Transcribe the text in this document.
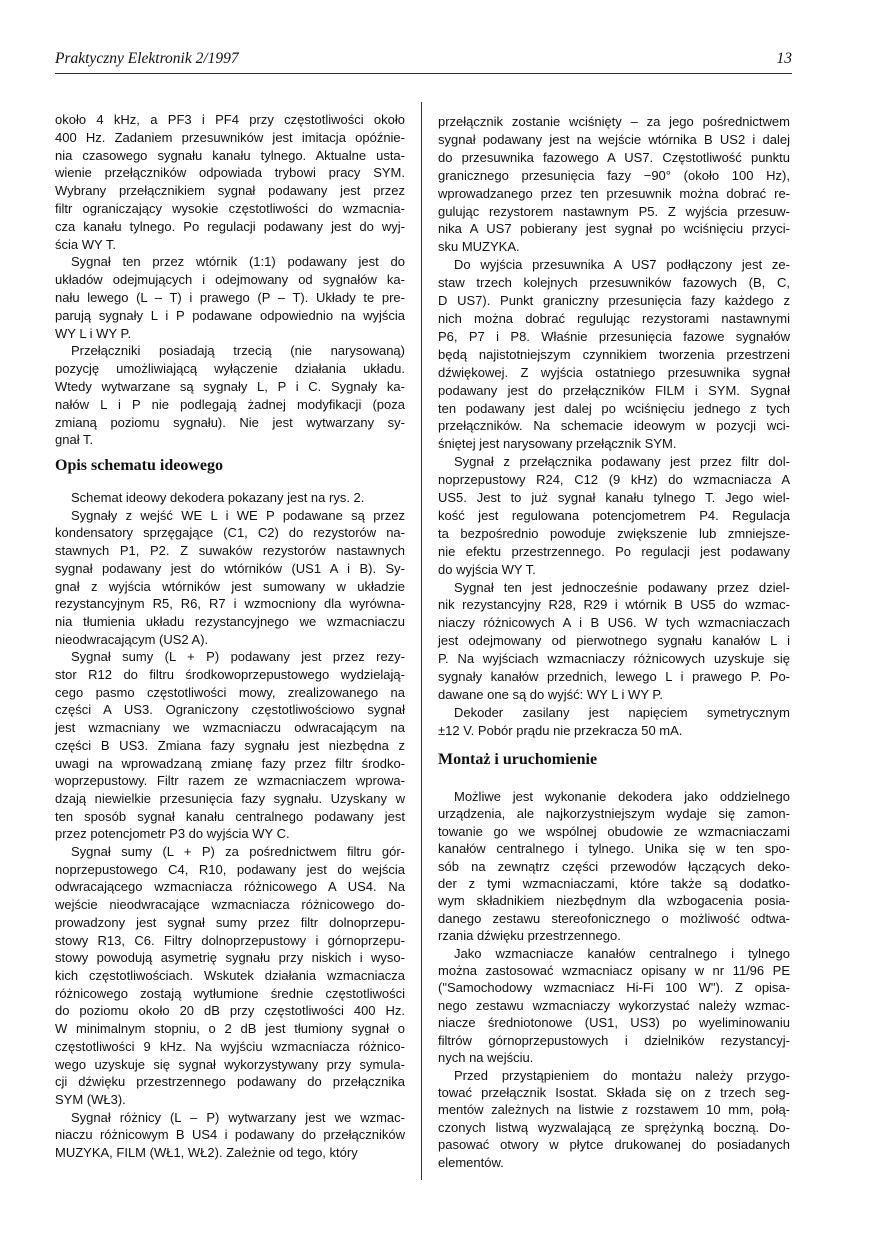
Praktyczny Elektronik 2/1997	13
około 4 kHz, a PF3 i PF4 przy częstotliwości około
400 Hz. Zadaniem przesuwników jest imitacja opóźnie-
nia czasowego sygnału kanału tylnego. Aktualne usta-
wienie przełączników odpowiada trybowi pracy SYM.
Wybrany przełącznikiem sygnał podawany jest przez
filtr ograniczający wysokie częstotliwości do wzmacnia-
cza kanału tylnego. Po regulacji podawany jest do wyj-
ścia WY T.
Sygnał ten przez wtórnik (1:1) podawany jest do
układów odejmujących i odejmowany od sygnałów ka-
nału lewego (L – T) i prawego (P – T). Układy te pre-
parują sygnały L i P podawane odpowiednio na wyjścia
WY L i WY P.
Przełączniki posiadają trzecią (nie narysowaną)
pozycję umożliwiającą wyłączenie działania układu.
Wtedy wytwarzane są sygnały L, P i C. Sygnały ka-
nałów L i P nie podlegają żadnej modyfikacji (poza
zmianą poziomu sygnału). Nie jest wytwarzany sy-
gnał T.
Opis schematu ideowego
Schemat ideowy dekodera pokazany jest na rys. 2.
Sygnały z wejść WE L i WE P podawane są przez
kondensatory sprzęgające (C1, C2) do rezystorów na-
stawnych P1, P2. Z suwaków rezystorów nastawnych
sygnał podawany jest do wtórników (US1 A i B). Sy-
gnał z wyjścia wtórników jest sumowany w układzie
rezystancyjnym R5, R6, R7 i wzmocniony dla wyrówna-
nia tłumienia układu rezystancyjnego we wzmacniaczu
nieodwracającym (US2 A).
Sygnał sumy (L + P) podawany jest przez rezy-
stor R12 do filtru środkowoprzepustowego wydzielają-
cego pasmo częstotliwości mowy, zrealizowanego na
części A US3. Ograniczony częstotliwościowo sygnał
jest wzmacniany we wzmacniaczu odwracającym na
części B US3. Zmiana fazy sygnału jest niezbędna z
uwagi na wprowadzaną zmianę fazy przez filtr środko-
woprzepustowy. Filtr razem ze wzmacniaczem wprowa-
dzają niewielkie przesunięcia fazy sygnału. Uzyskany w
ten sposób sygnał kanału centralnego podawany jest
przez potencjometr P3 do wyjścia WY C.
Sygnał sumy (L + P) za pośrednictwem filtru gór-
noprzepustowego C4, R10, podawany jest do wejścia
odwracającego wzmacniacza różnicowego A US4. Na
wejście nieodwracające wzmacniacza różnicowego do-
prowadzony jest sygnał sumy przez filtr dolnoprzepu-
stowy R13, C6. Filtry dolnoprzepustowy i górnoprzepu-
stowy powodują asymetrię sygnału przy niskich i wyso-
kich częstotliwościach. Wskutek działania wzmacniacza
różnicowego zostają wytłumione średnie częstotliwości
do poziomu około 20 dB przy częstotliwości 400 Hz.
W minimalnym stopniu, o 2 dB jest tłumiony sygnał o
częstotliwości 9 kHz. Na wyjściu wzmacniacza różnico-
wego uzyskuje się sygnał wykorzystywany przy symula-
cji dźwięku przestrzennego podawany do przełącznika
SYM (WŁ3).
Sygnał różnicy (L – P) wytwarzany jest we wzmac-
niaczu różnicowym B US4 i podawany do przełączników
MUZYKA, FILM (WŁ1, WŁ2). Zależnie od tego, który
przełącznik zostanie wciśnięty – za jego pośrednictwem
sygnał podawany jest na wejście wtórnika B US2 i dalej
do przesuwnika fazowego A US7. Częstotliwość punktu
granicznego przesunięcia fazy −90° (około 100 Hz),
wprowadzanego przez ten przesuwnik można dobrać re-
gulując rezystorem nastawnym P5. Z wyjścia przesuw-
nika A US7 pobierany jest sygnał po wciśnięciu przyci-
sku MUZYKA.
Do wyjścia przesuwnika A US7 podłączony jest ze-
staw trzech kolejnych przesuwników fazowych (B, C,
D US7). Punkt graniczny przesunięcia fazy każdego z
nich można dobrać regulując rezystorami nastawnymi
P6, P7 i P8. Właśnie przesunięcia fazowe sygnałów
będą najistotniejszym czynnikiem tworzenia przestrzeni
dźwiękowej. Z wyjścia ostatniego przesuwnika sygnał
podawany jest do przełączników FILM i SYM. Sygnał
ten podawany jest dalej po wciśnięciu jednego z tych
przełączników. Na schemacie ideowym w pozycji wci-
śniętej jest narysowany przełącznik SYM.
Sygnał z przełącznika podawany jest przez filtr dol-
noprzepustowy R24, C12 (9 kHz) do wzmacniacza A
US5. Jest to już sygnał kanału tylnego T. Jego wiel-
kość jest regulowana potencjometrem P4. Regulacja
ta bezpośrednio powoduje zwiększenie lub zmniejsze-
nie efektu przestrzennego. Po regulacji jest podawany
do wyjścia WY T.
Sygnał ten jest jednocześnie podawany przez dziel-
nik rezystancyjny R28, R29 i wtórnik B US5 do wzmac-
niaczy różnicowych A i B US6. W tych wzmacniaczach
jest odejmowany od pierwotnego sygnału kanałów L i
P. Na wyjściach wzmacniaczy różnicowych uzyskuje się
sygnały kanałów przednich, lewego L i prawego P. Po-
dawane one są do wyjść: WY L i WY P.
Dekoder zasilany jest napięciem symetrycznym
±12 V. Pobór prądu nie przekracza 50 mA.
Montaż i uruchomienie
Możliwe jest wykonanie dekodera jako oddzielnego
urządzenia, ale najkorzystniejszym wydaje się zamon-
towanie go we wspólnej obudowie ze wzmacniaczami
kanałów centralnego i tylnego. Unika się w ten spo-
sób na zewnątrz części przewodów łączących deko-
der z tymi wzmacniaczami, które także są dodatko-
wym składnikiem niezbędnym dla wzbogacenia posia-
danego zestawu stereofonicznego o możliwość odtwa-
rzania dźwięku przestrzennego.
Jako wzmacniacze kanałów centralnego i tylnego
można zastosować wzmacniacz opisany w nr 11/96 PE
("Samochodowy wzmacniacz Hi-Fi 100 W"). Z opisa-
nego zestawu wzmacniaczy wykorzystać należy wzmac-
niacze średniotonowe (US1, US3) po wyeliminowaniu
filtrów górnoprzepustowych i dzielników rezystancyj-
nych na wejściu.
Przed przystąpieniem do montażu należy przygo-
tować przełącznik Isostat. Składa się on z trzech seg-
mentów zależnych na listwie z rozstawem 10 mm, połą-
czonych listwą wyzwalającą ze sprężynką boczną. Do-
pasować otwory w płytce drukowanej do posiadanych
elementów.
